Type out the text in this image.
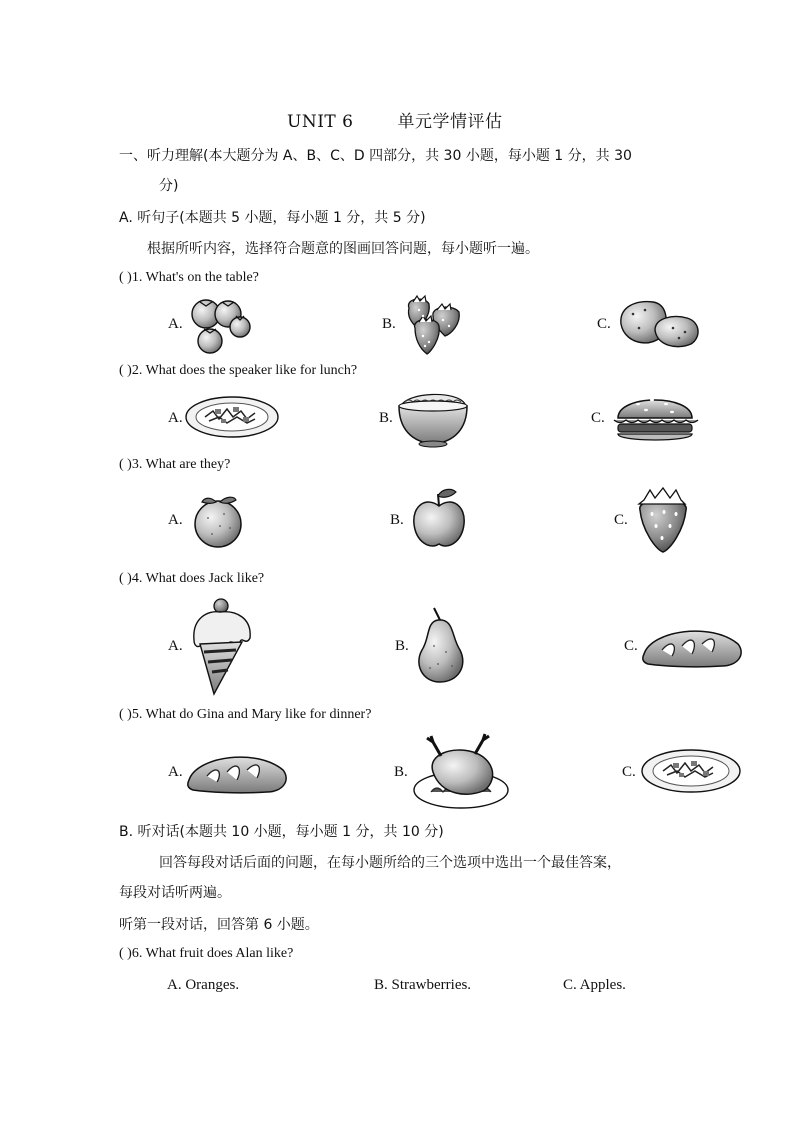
UNIT 6	单元学情评估
一、听力理解(本大题分为 A、B、C、D 四部分，共 30 小题，每小题 1 分，共 30
分)
A. 听句子(本题共 5 小题，每小题 1 分，共 5 分)
根据所听内容，选择符合题意的图画回答问题，每小题听一遍。
( )1. What's on the table?
A.	B.	C.
( )2. What does the speaker like for lunch?
A.	B.	C.
( )3. What are they?
A.	B.	C.
( )4. What does Jack like?
A.	B.	C.
( )5. What do Gina and Mary like for dinner?
A.	B.	C.
B. 听对话(本题共 10 小题，每小题 1 分，共 10 分)
回答每段对话后面的问题，在每小题所给的三个选项中选出一个最佳答案，
每段对话听两遍。
听第一段对话，回答第 6 小题。
( )6. What fruit does Alan like?
A. Oranges.	B. Strawberries.	C. Apples.
